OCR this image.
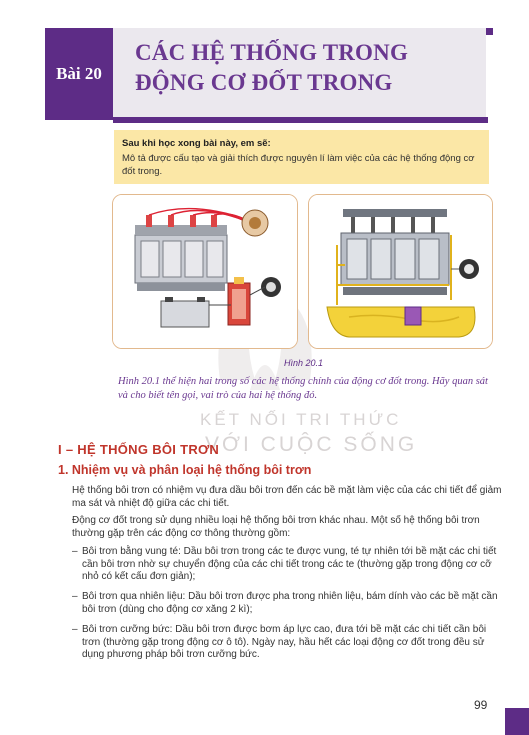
Bài 20
CÁC HỆ THỐNG TRONG
ĐỘNG CƠ ĐỐT TRONG
Sau khi học xong bài này, em sẽ:
Mô tả được cấu tạo và giải thích được nguyên lí làm việc của các hệ thống động cơ đốt trong.
Hình 20.1
Hình 20.1 thể hiện hai trong số các hệ thống chính của động cơ đốt trong. Hãy quan sát và cho biết tên gọi, vai trò của hai hệ thống đó.
KẾT NỐI TRI THỨC
VỚI CUỘC SỐNG
I – HỆ THỐNG BÔI TRƠN
1. Nhiệm vụ và phân loại hệ thống bôi trơn
Hệ thống bôi trơn có nhiệm vụ đưa dầu bôi trơn đến các bề mặt làm việc của các chi tiết để giảm ma sát và nhiệt độ giữa các chi tiết.
Động cơ đốt trong sử dụng nhiều loại hệ thống bôi trơn khác nhau. Một số hệ thống bôi trơn thường gặp trên các động cơ thông thường gồm:
– Bôi trơn bằng vung té: Dầu bôi trơn trong các te được vung, té tự nhiên tới bề mặt các chi tiết cần bôi trơn nhờ sự chuyển động của các chi tiết trong các te (thường gặp trong động cơ cỡ nhỏ có kết cấu đơn giản);
– Bôi trơn qua nhiên liệu: Dầu bôi trơn được pha trong nhiên liệu, bám dính vào các bề mặt cần bôi trơn (dùng cho động cơ xăng 2 kì);
– Bôi trơn cưỡng bức: Dầu bôi trơn được bơm áp lực cao, đưa tới bề mặt các chi tiết cần bôi trơn (thường gặp trong động cơ ô tô). Ngày nay, hầu hết các loại động cơ đốt trong đều sử dụng phương pháp bôi trơn cưỡng bức.
99
